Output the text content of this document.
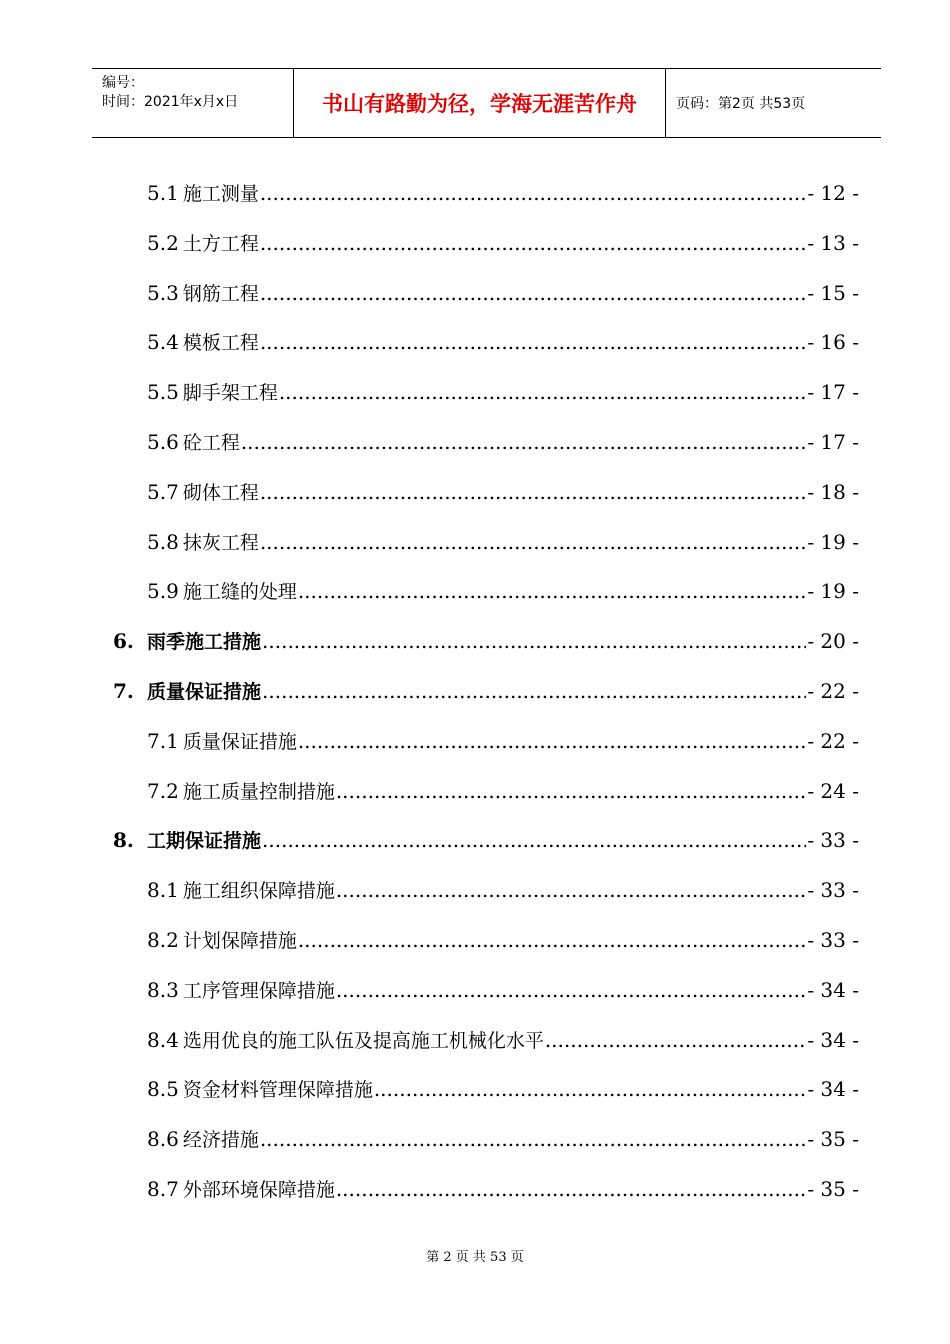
编号：
时间：2021年x月x日	书山有路勤为径，学海无涯苦作舟	页码：第2页 共53页
5.1 施工测量 .....	- 12 -
5.2 土方工程 .....	- 13 -
5.3 钢筋工程 .....	- 15 -
5.4 模板工程 .....	- 16 -
5.5 脚手架工程 .....	- 17 -
5.6 砼工程 .....	- 17 -
5.7 砌体工程 .....	- 18 -
5.8 抹灰工程 .....	- 19 -
5.9 施工缝的处理 .....	- 19 -
6. 雨季施工措施 .....	- 20 -
7. 质量保证措施 .....	- 22 -
7.1 质量保证措施 .....	- 22 -
7.2 施工质量控制措施 .....	- 24 -
8. 工期保证措施 .....	- 33 -
8.1 施工组织保障措施 .....	- 33 -
8.2 计划保障措施 .....	- 33 -
8.3 工序管理保障措施 .....	- 34 -
8.4 选用优良的施工队伍及提高施工机械化水平 .....	- 34 -
8.5 资金材料管理保障措施 .....	- 34 -
8.6 经济措施 .....	- 35 -
8.7 外部环境保障措施 .....	- 35 -
第 2 页 共 53 页
